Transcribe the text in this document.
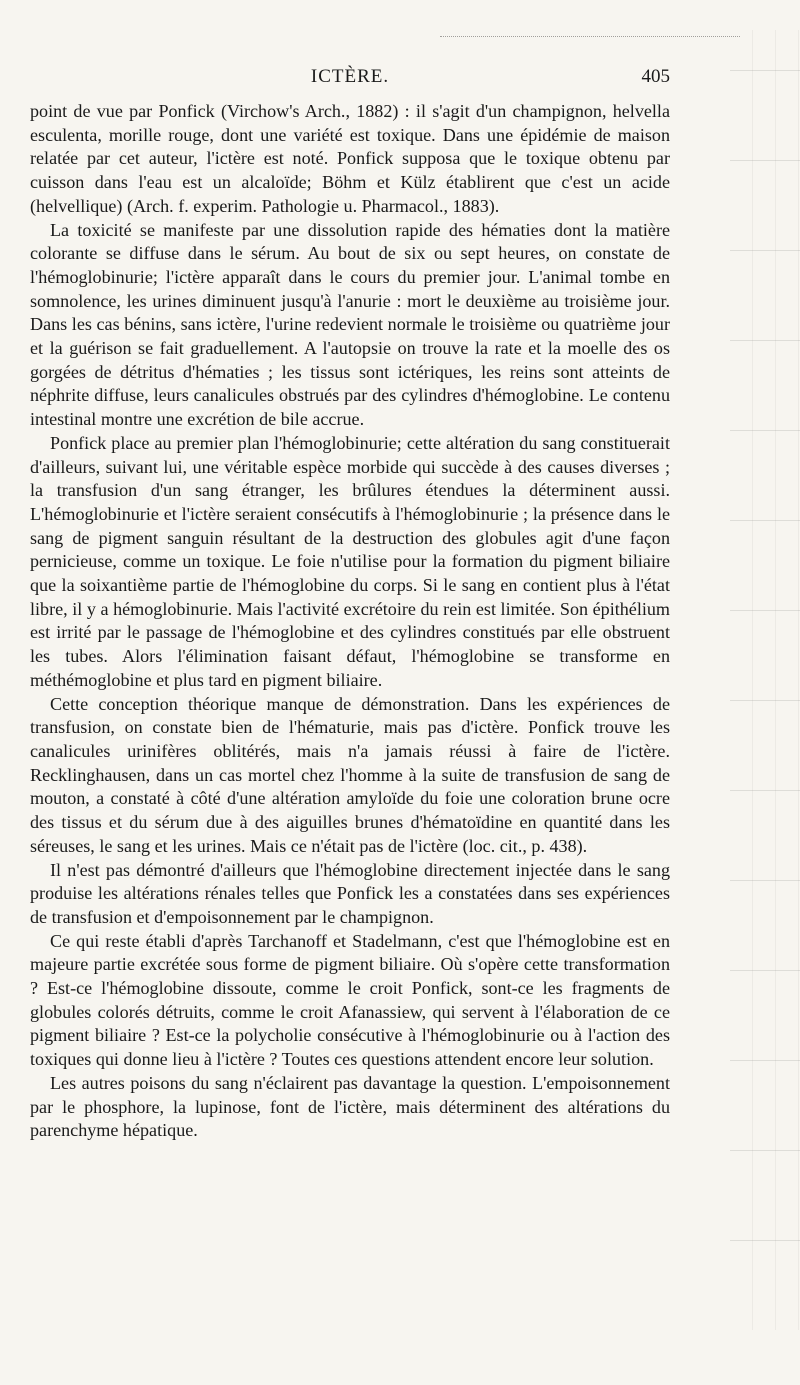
ICTÈRE.	405

point de vue par Ponfick (Virchow's Arch., 1882) : il s'agit d'un champignon, helvella esculenta, morille rouge, dont une variété est toxique. Dans une épidémie de maison relatée par cet auteur, l'ictère est noté. Ponfick supposa que le toxique obtenu par cuisson dans l'eau est un alcaloïde; Böhm et Külz établirent que c'est un acide (helvellique) (Arch. f. experim. Pathologie u. Pharmacol., 1883).

La toxicité se manifeste par une dissolution rapide des hématies dont la matière colorante se diffuse dans le sérum. Au bout de six ou sept heures, on constate de l'hémoglobinurie; l'ictère apparaît dans le cours du premier jour. L'animal tombe en somnolence, les urines diminuent jusqu'à l'anurie : mort le deuxième au troisième jour. Dans les cas bénins, sans ictère, l'urine redevient normale le troisième ou quatrième jour et la guérison se fait graduellement. A l'autopsie on trouve la rate et la moelle des os gorgées de détritus d'hématies ; les tissus sont ictériques, les reins sont atteints de néphrite diffuse, leurs canalicules obstrués par des cylindres d'hémoglobine. Le contenu intestinal montre une excrétion de bile accrue.

Ponfick place au premier plan l'hémoglobinurie; cette altération du sang constituerait d'ailleurs, suivant lui, une véritable espèce morbide qui succède à des causes diverses ; la transfusion d'un sang étranger, les brûlures étendues la déterminent aussi. L'hémoglobinurie et l'ictère seraient consécutifs à l'hémoglobinurie ; la présence dans le sang de pigment sanguin résultant de la destruction des globules agit d'une façon pernicieuse, comme un toxique. Le foie n'utilise pour la formation du pigment biliaire que la soixantième partie de l'hémoglobine du corps. Si le sang en contient plus à l'état libre, il y a hémoglobinurie. Mais l'activité excrétoire du rein est limitée. Son épithélium est irrité par le passage de l'hémoglobine et des cylindres constitués par elle obstruent les tubes. Alors l'élimination faisant défaut, l'hémoglobine se transforme en méthémoglobine et plus tard en pigment biliaire.

Cette conception théorique manque de démonstration. Dans les expériences de transfusion, on constate bien de l'hématurie, mais pas d'ictère. Ponfick trouve les canalicules urinifères oblitérés, mais n'a jamais réussi à faire de l'ictère. Recklinghausen, dans un cas mortel chez l'homme à la suite de transfusion de sang de mouton, a constaté à côté d'une altération amyloïde du foie une coloration brune ocre des tissus et du sérum due à des aiguilles brunes d'hématoïdine en quantité dans les séreuses, le sang et les urines. Mais ce n'était pas de l'ictère (loc. cit., p. 438).

Il n'est pas démontré d'ailleurs que l'hémoglobine directement injectée dans le sang produise les altérations rénales telles que Ponfick les a constatées dans ses expériences de transfusion et d'empoisonnement par le champignon.

Ce qui reste établi d'après Tarchanoff et Stadelmann, c'est que l'hémoglobine est en majeure partie excrétée sous forme de pigment biliaire. Où s'opère cette transformation ? Est-ce l'hémoglobine dissoute, comme le croit Ponfick, sont-ce les fragments de globules colorés détruits, comme le croit Afanassiew, qui servent à l'élaboration de ce pigment biliaire ? Est-ce la polycholie consécutive à l'hémoglobinurie ou à l'action des toxiques qui donne lieu à l'ictère ? Toutes ces questions attendent encore leur solution.

Les autres poisons du sang n'éclairent pas davantage la question. L'empoisonnement par le phosphore, la lupinose, font de l'ictère, mais déterminent des altérations du parenchyme hépatique.
